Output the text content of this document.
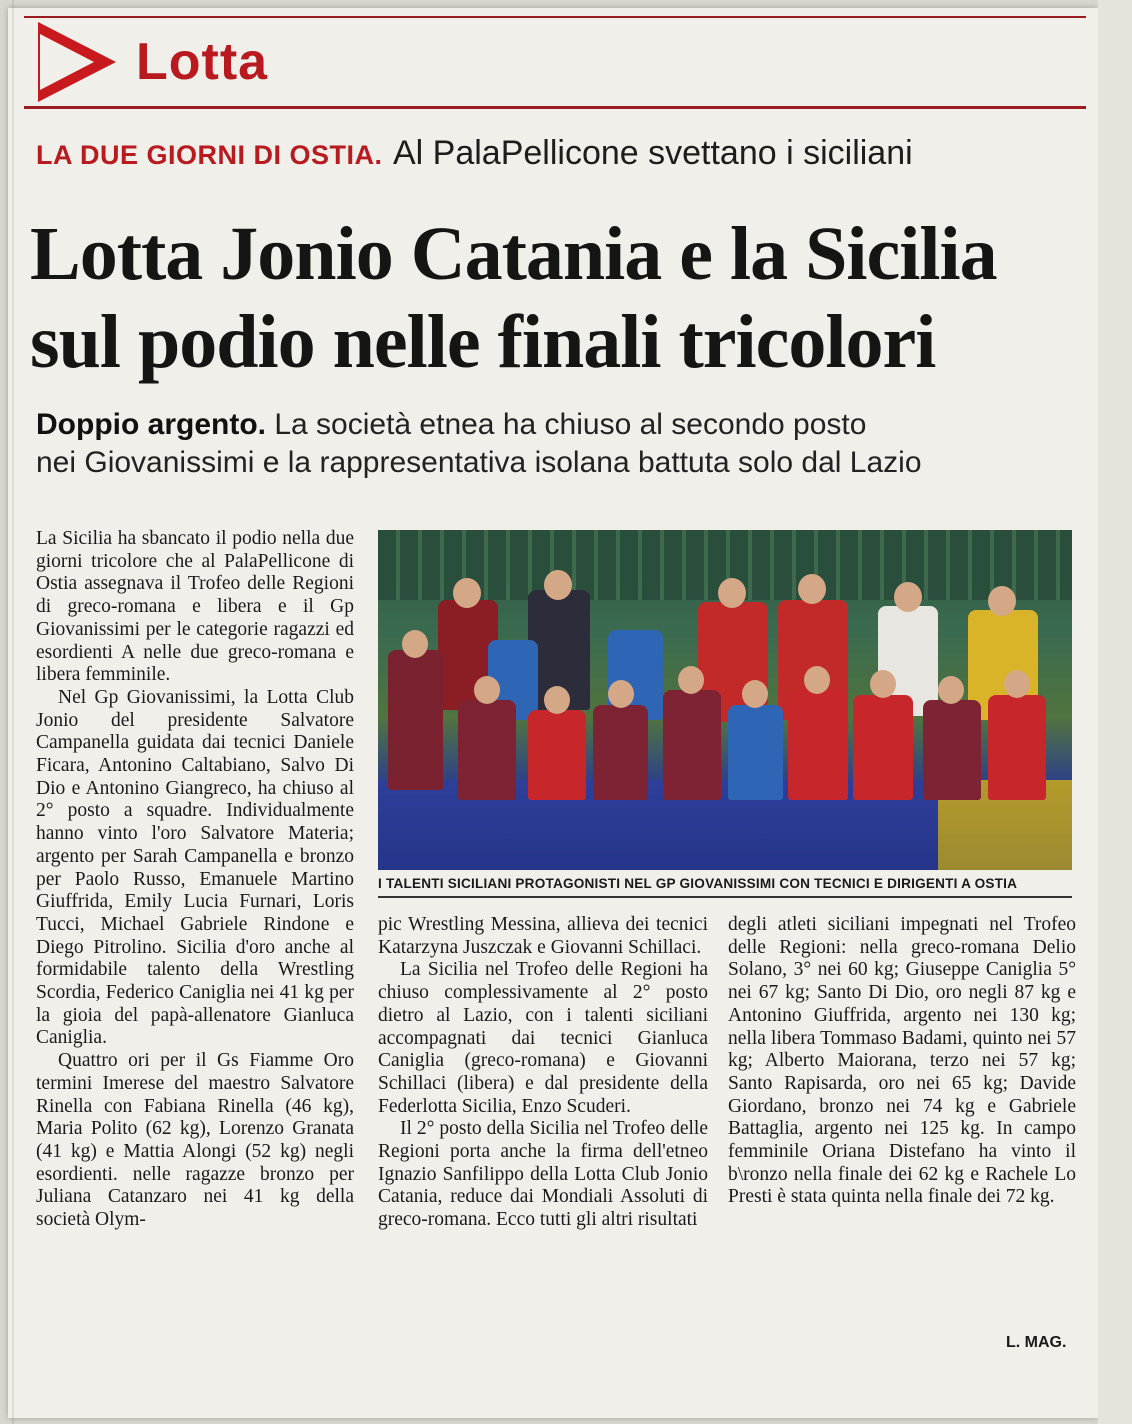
Lotta
LA DUE GIORNI DI OSTIA. Al PalaPellicone svettano i siciliani
Lotta Jonio Catania e la Sicilia
sul podio nelle finali tricolori
Doppio argento. La società etnea ha chiuso al secondo posto
nei Giovanissimi e la rappresentativa isolana battuta solo dal Lazio

La Sicilia ha sbancato il podio nella due giorni tricolore che al PalaPellicone di Ostia assegnava il Trofeo delle Regioni di greco-romana e libera e il Gp Giovanissimi per le categorie ragazzi ed esordienti A nelle due greco-romana e libera femminile.

Nel Gp Giovanissimi, la Lotta Club Jonio del presidente Salvatore Campanella guidata dai tecnici Daniele Ficara, Antonino Caltabiano, Salvo Di Dio e Antonino Giangreco, ha chiuso al 2° posto a squadre. Individualmente hanno vinto l'oro Salvatore Materia; argento per Sarah Campanella e bronzo per Paolo Russo, Emanuele Martino Giuffrida, Emily Lucia Furnari, Loris Tucci, Michael Gabriele Rindone e Diego Pitrolino. Sicilia d'oro anche al formidabile talento della Wrestling Scordia, Federico Caniglia nei 41 kg per la gioia del papà-allenatore Gianluca Caniglia.

Quattro ori per il Gs Fiamme Oro termini Imerese del maestro Salvatore Rinella con Fabiana Rinella (46 kg), Maria Polito (62 kg), Lorenzo Granata (41 kg) e Mattia Alongi (52 kg) negli esordienti. nelle ragazze bronzo per Juliana Catanzaro nei 41 kg della società Olym-

I TALENTI SICILIANI PROTAGONISTI NEL GP GIOVANISSIMI CON TECNICI E DIRIGENTI A OSTIA

pic Wrestling Messina, allieva dei tecnici Katarzyna Juszczak e Giovanni Schillaci.

La Sicilia nel Trofeo delle Regioni ha chiuso complessivamente al 2° posto dietro al Lazio, con i talenti siciliani accompagnati dai tecnici Gianluca Caniglia (greco-romana) e Giovanni Schillaci (libera) e dal presidente della Federlotta Sicilia, Enzo Scuderi.

Il 2° posto della Sicilia nel Trofeo delle Regioni porta anche la firma dell'etneo Ignazio Sanfilippo della Lotta Club Jonio Catania, reduce dai Mondiali Assoluti di greco-romana. Ecco tutti gli altri risultati

degli atleti siciliani impegnati nel Trofeo delle Regioni: nella greco-romana Delio Solano, 3° nei 60 kg; Giuseppe Caniglia 5° nei 67 kg; Santo Di Dio, oro negli 87 kg e Antonino Giuffrida, argento nei 130 kg; nella libera Tommaso Badami, quinto nei 57 kg; Alberto Maiorana, terzo nei 57 kg; Santo Rapisarda, oro nei 65 kg; Davide Giordano, bronzo nei 74 kg e Gabriele Battaglia, argento nei 125 kg. In campo femminile Oriana Distefano ha vinto il b\ronzo nella finale dei 62 kg e Rachele Lo Presti è stata quinta nella finale dei 72 kg.

L. MAG.
